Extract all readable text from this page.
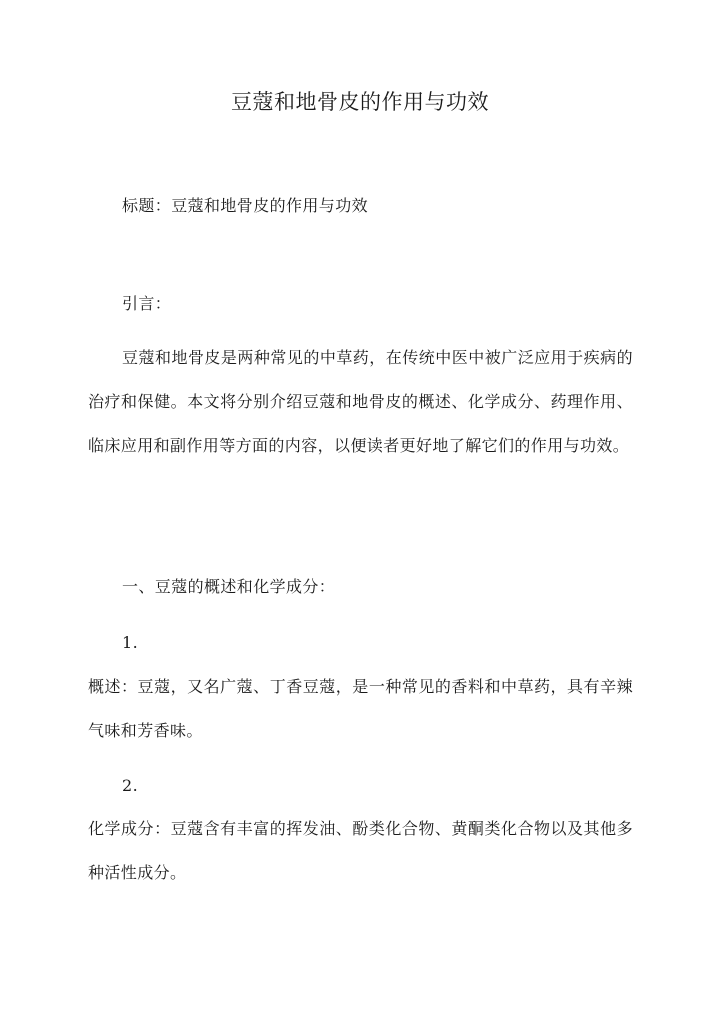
豆蔻和地骨皮的作用与功效
标题：豆蔻和地骨皮的作用与功效
引言：
豆蔻和地骨皮是两种常见的中草药，在传统中医中被广泛应用于疾病的治疗和保健。本文将分别介绍豆蔻和地骨皮的概述、化学成分、药理作用、临床应用和副作用等方面的内容，以便读者更好地了解它们的作用与功效。
一、豆蔻的概述和化学成分：
1.
概述：豆蔻，又名广蔻、丁香豆蔻，是一种常见的香料和中草药，具有辛辣气味和芳香味。
2.
化学成分：豆蔻含有丰富的挥发油、酚类化合物、黄酮类化合物以及其他多种活性成分。
